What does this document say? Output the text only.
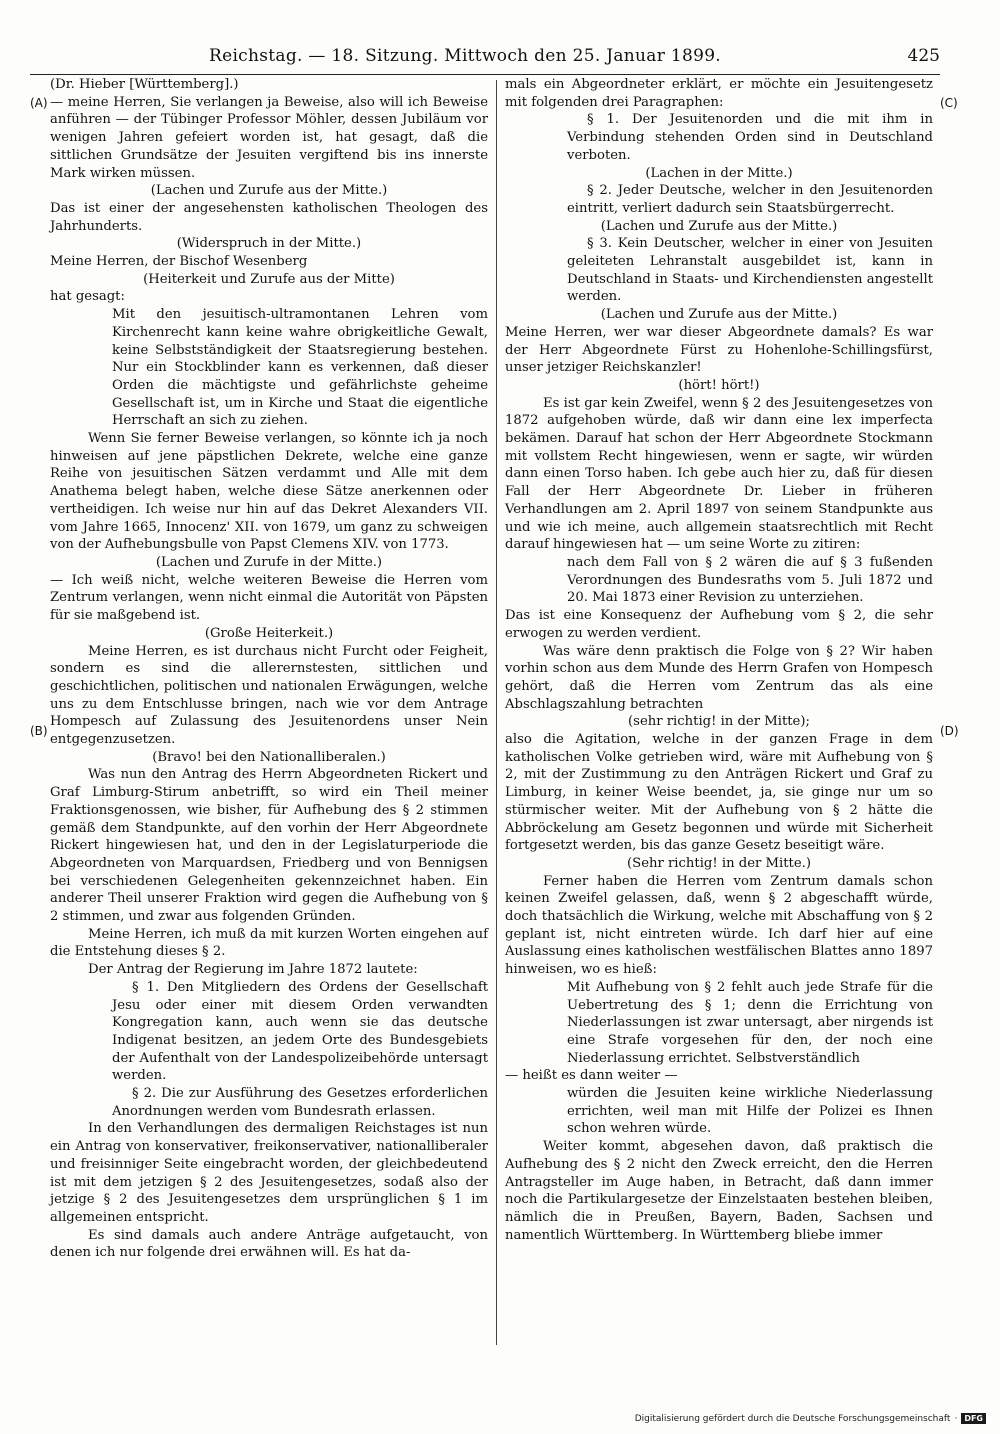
Reichstag. — 18. Sitzung. Mittwoch den 25. Januar 1899.	425
(A)
(B)
(C)
(D)

(Dr. Hieber [Württemberg].)

— meine Herren, Sie verlangen ja Beweise, also will ich Beweise anführen — der Tübinger Professor Möhler, dessen Jubiläum vor wenigen Jahren gefeiert worden ist, hat gesagt, daß die sittlichen Grundsätze der Jesuiten vergiftend bis ins innerste Mark wirken müssen.

(Lachen und Zurufe aus der Mitte.)

Das ist einer der angesehensten katholischen Theologen des Jahrhunderts.

(Widerspruch in der Mitte.)

Meine Herren, der Bischof Wesenberg

(Heiterkeit und Zurufe aus der Mitte)

hat gesagt:

Mit den jesuitisch-ultramontanen Lehren vom Kirchenrecht kann keine wahre obrigkeitliche Gewalt, keine Selbstständigkeit der Staatsregierung bestehen. Nur ein Stockblinder kann es verkennen, daß dieser Orden die mächtigste und gefährlichste geheime Gesellschaft ist, um in Kirche und Staat die eigentliche Herrschaft an sich zu ziehen.

Wenn Sie ferner Beweise verlangen, so könnte ich ja noch hinweisen auf jene päpstlichen Dekrete, welche eine ganze Reihe von jesuitischen Sätzen verdammt und Alle mit dem Anathema belegt haben, welche diese Sätze anerkennen oder vertheidigen. Ich weise nur hin auf das Dekret Alexanders VII. vom Jahre 1665, Innocenz' XII. von 1679, um ganz zu schweigen von der Aufhebungsbulle von Papst Clemens XIV. von 1773.

(Lachen und Zurufe in der Mitte.)

— Ich weiß nicht, welche weiteren Beweise die Herren vom Zentrum verlangen, wenn nicht einmal die Autorität von Päpsten für sie maßgebend ist.

(Große Heiterkeit.)

Meine Herren, es ist durchaus nicht Furcht oder Feigheit, sondern es sind die allerernstesten, sittlichen und geschichtlichen, politischen und nationalen Erwägungen, welche uns zu dem Entschlusse bringen, nach wie vor dem Antrage Hompesch auf Zulassung des Jesuitenordens unser Nein entgegenzusetzen.

(Bravo! bei den Nationalliberalen.)

Was nun den Antrag des Herrn Abgeordneten Rickert und Graf Limburg-Stirum anbetrifft, so wird ein Theil meiner Fraktionsgenossen, wie bisher, für Aufhebung des § 2 stimmen gemäß dem Standpunkte, auf den vorhin der Herr Abgeordnete Rickert hingewiesen hat, und den in der Legislaturperiode die Abgeordneten von Marquardsen, Friedberg und von Bennigsen bei verschiedenen Gelegenheiten gekennzeichnet haben. Ein anderer Theil unserer Fraktion wird gegen die Aufhebung von § 2 stimmen, und zwar aus folgenden Gründen.

Meine Herren, ich muß da mit kurzen Worten eingehen auf die Entstehung dieses § 2.

Der Antrag der Regierung im Jahre 1872 lautete:

§ 1. Den Mitgliedern des Ordens der Gesellschaft Jesu oder einer mit diesem Orden verwandten Kongregation kann, auch wenn sie das deutsche Indigenat besitzen, an jedem Orte des Bundesgebiets der Aufenthalt von der Landespolizeibehörde untersagt werden.

§ 2. Die zur Ausführung des Gesetzes erforderlichen Anordnungen werden vom Bundesrath erlassen.

In den Verhandlungen des dermaligen Reichstages ist nun ein Antrag von konservativer, freikonservativer, nationalliberaler und freisinniger Seite eingebracht worden, der gleichbedeutend ist mit dem jetzigen § 2 des Jesuitengesetzes, sodaß also der jetzige § 2 des Jesuitengesetzes dem ursprünglichen § 1 im allgemeinen entspricht.

Es sind damals auch andere Anträge aufgetaucht, von denen ich nur folgende drei erwähnen will. Es hat da-

mals ein Abgeordneter erklärt, er möchte ein Jesuitengesetz mit folgenden drei Paragraphen:

§ 1. Der Jesuitenorden und die mit ihm in Verbindung stehenden Orden sind in Deutschland verboten.

(Lachen in der Mitte.)

§ 2. Jeder Deutsche, welcher in den Jesuitenorden eintritt, verliert dadurch sein Staatsbürgerrecht.

(Lachen und Zurufe aus der Mitte.)

§ 3. Kein Deutscher, welcher in einer von Jesuiten geleiteten Lehranstalt ausgebildet ist, kann in Deutschland in Staats- und Kirchendiensten angestellt werden.

(Lachen und Zurufe aus der Mitte.)

Meine Herren, wer war dieser Abgeordnete damals? Es war der Herr Abgeordnete Fürst zu Hohenlohe-Schillingsfürst, unser jetziger Reichskanzler!

(hört! hört!)

Es ist gar kein Zweifel, wenn § 2 des Jesuitengesetzes von 1872 aufgehoben würde, daß wir dann eine lex imperfecta bekämen. Darauf hat schon der Herr Abgeordnete Stockmann mit vollstem Recht hingewiesen, wenn er sagte, wir würden dann einen Torso haben. Ich gebe auch hier zu, daß für diesen Fall der Herr Abgeordnete Dr. Lieber in früheren Verhandlungen am 2. April 1897 von seinem Standpunkte aus und wie ich meine, auch allgemein staatsrechtlich mit Recht darauf hingewiesen hat — um seine Worte zu zitiren:

nach dem Fall von § 2 wären die auf § 3 fußenden Verordnungen des Bundesraths vom 5. Juli 1872 und 20. Mai 1873 einer Revision zu unterziehen.

Das ist eine Konsequenz der Aufhebung vom § 2, die sehr erwogen zu werden verdient.

Was wäre denn praktisch die Folge von § 2? Wir haben vorhin schon aus dem Munde des Herrn Grafen von Hompesch gehört, daß die Herren vom Zentrum das als eine Abschlagszahlung betrachten

(sehr richtig! in der Mitte);

also die Agitation, welche in der ganzen Frage in dem katholischen Volke getrieben wird, wäre mit Aufhebung von § 2, mit der Zustimmung zu den Anträgen Rickert und Graf zu Limburg, in keiner Weise beendet, ja, sie ginge nur um so stürmischer weiter. Mit der Aufhebung von § 2 hätte die Abbröckelung am Gesetz begonnen und würde mit Sicherheit fortgesetzt werden, bis das ganze Gesetz beseitigt wäre.

(Sehr richtig! in der Mitte.)

Ferner haben die Herren vom Zentrum damals schon keinen Zweifel gelassen, daß, wenn § 2 abgeschafft würde, doch thatsächlich die Wirkung, welche mit Abschaffung von § 2 geplant ist, nicht eintreten würde. Ich darf hier auf eine Auslassung eines katholischen westfälischen Blattes anno 1897 hinweisen, wo es hieß:

Mit Aufhebung von § 2 fehlt auch jede Strafe für die Uebertretung des § 1; denn die Errichtung von Niederlassungen ist zwar untersagt, aber nirgends ist eine Strafe vorgesehen für den, der noch eine Niederlassung errichtet. Selbstverständlich

— heißt es dann weiter —

würden die Jesuiten keine wirkliche Niederlassung errichten, weil man mit Hilfe der Polizei es Ihnen schon wehren würde.

Weiter kommt, abgesehen davon, daß praktisch die Aufhebung des § 2 nicht den Zweck erreicht, den die Herren Antragsteller im Auge haben, in Betracht, daß dann immer noch die Partikulargesetze der Einzelstaaten bestehen bleiben, nämlich die in Preußen, Bayern, Baden, Sachsen und namentlich Württemberg. In Württemberg bliebe immer

Digitalisierung gefördert durch die Deutsche Forschungsgemeinschaft · DFG
